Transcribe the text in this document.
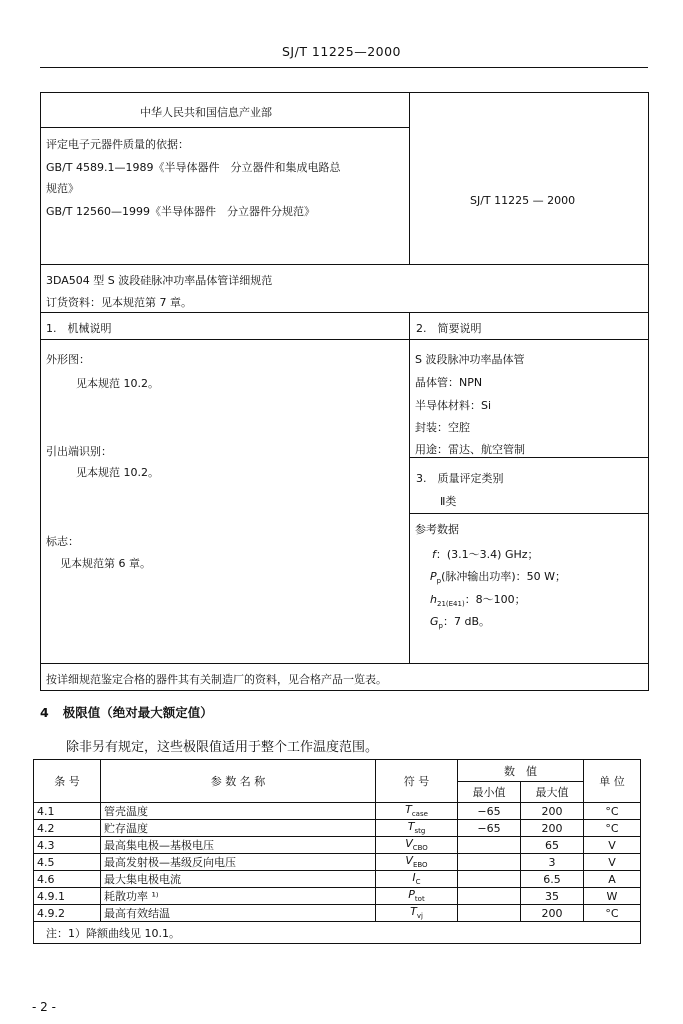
SJ/T 11225—2000
中华人民共和国信息产业部
评定电子元器件质量的依据：
GB/T 4589.1—1989《半导体器件　分立器件和集成电路总
规范》
GB/T 12560—1999《半导体器件　分立器件分规范》
SJ/T 11225 — 2000
3DA504 型 S 波段硅脉冲功率晶体管详细规范
订货资料：见本规范第 7 章。
1.　机械说明	2.　简要说明
外形图：
见本规范 10.2。
引出端识别：
见本规范 10.2。
标志：
见本规范第 6 章。
S 波段脉冲功率晶体管
晶体管：NPN
半导体材料：Si
封装：空腔
用途：雷达、航空管制
3.　质量评定类别
Ⅱ类
参考数据
f：(3.1～3.4) GHz；
$P_p$(脉冲输出功率)：50 W；
$h_{21(E41)}$：8～100；
$G_p$：7 dB。
按详细规范鉴定合格的器件其有关制造厂的资料，见合格产品一览表。
4 极限值（绝对最大额定值）
除非另有规定，这些极限值适用于整个工作温度范围。
条 号	参 数 名 称	符 号	数　值		单 位
			最小值	最大值	
4.1	管壳温度	$T_{case}$	−65	200	°C
4.2	贮存温度	$T_{stg}$	−65	200	°C
4.3	最高集电极—基极电压	$V_{CBO}$		65	V
4.5	最高发射极—基级反向电压	$V_{EBO}$		3	V
4.6	最大集电极电流	$I_C$		6.5	A
4.9.1	耗散功率 ¹⁾	$P_{tot}$		35	W
4.9.2	最高有效结温	$T_{vj}$		200	°C
注：1）降额曲线见 10.1。					
- 2 -
